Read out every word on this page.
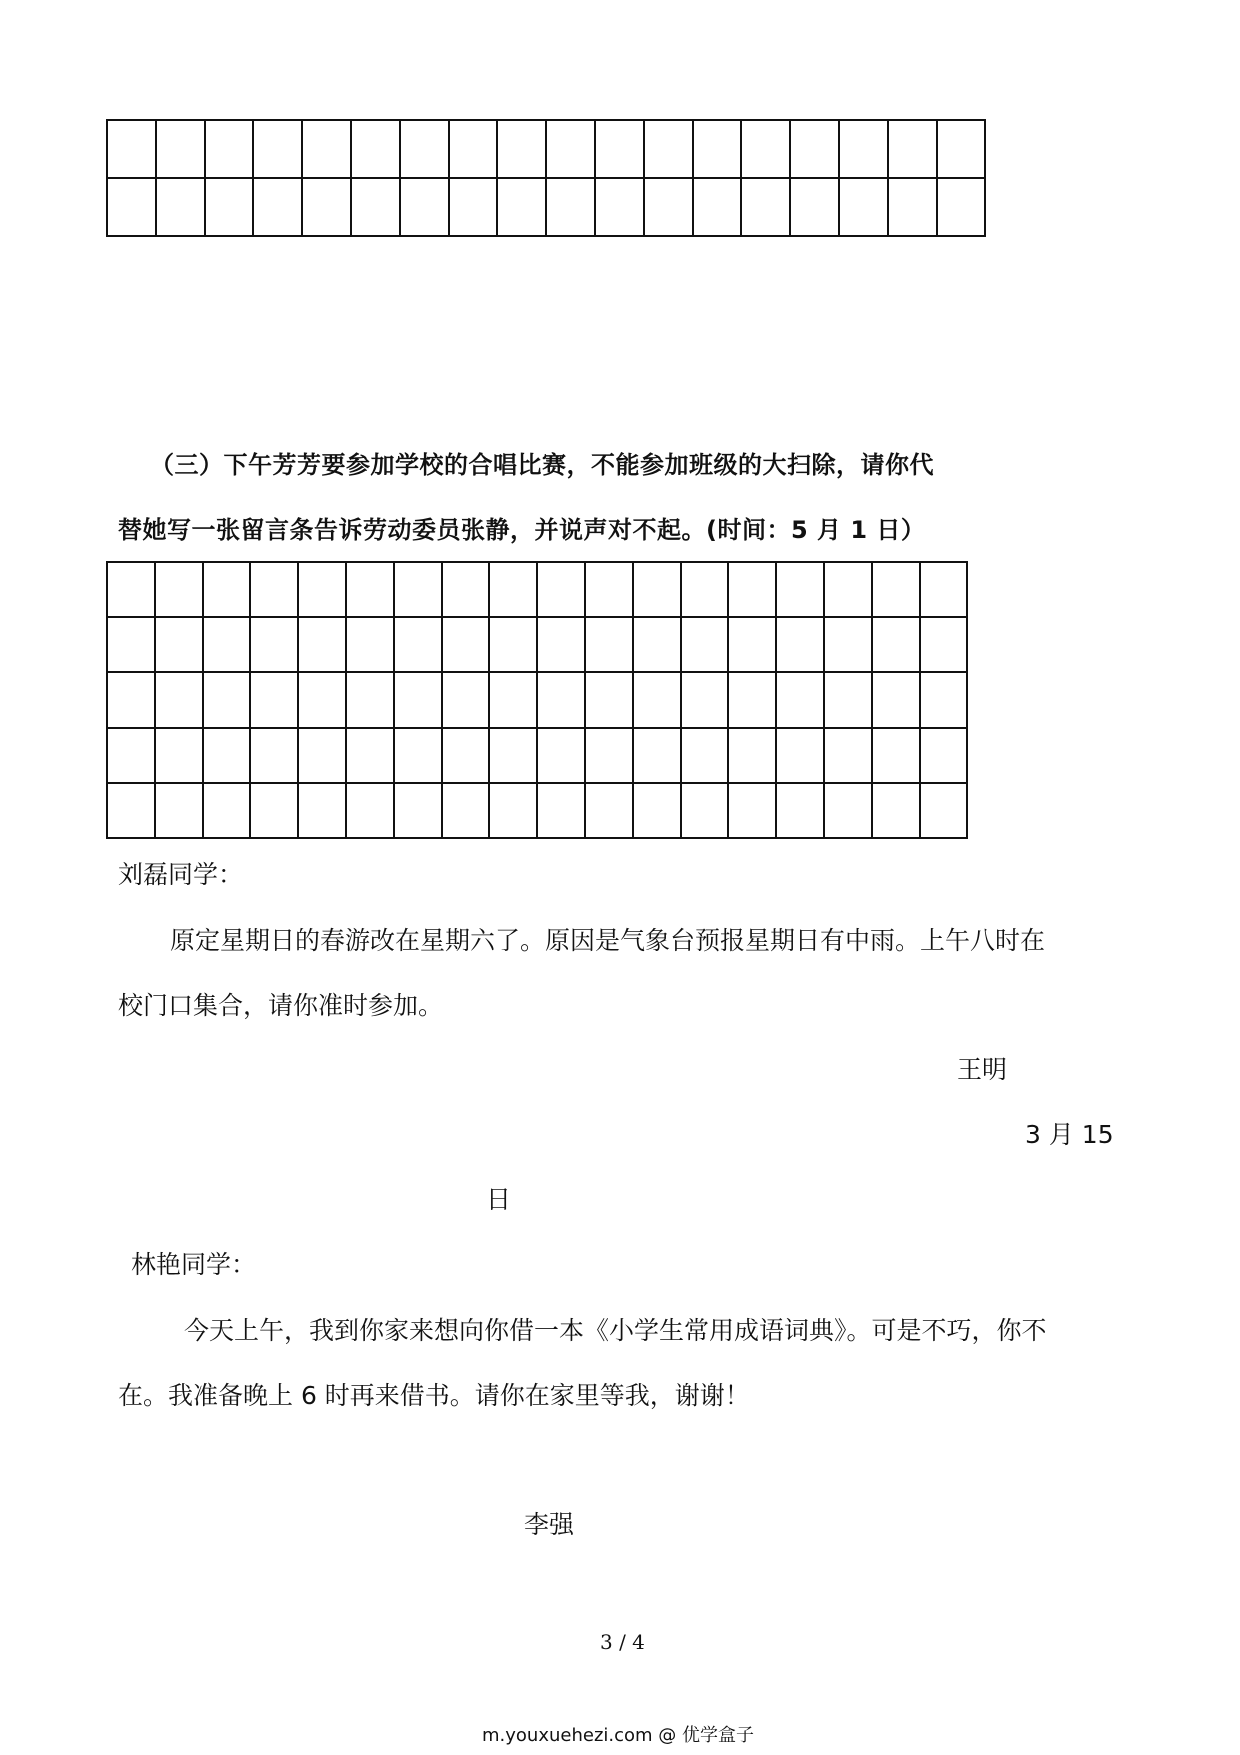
（三）下午芳芳要参加学校的合唱比赛，不能参加班级的大扫除，请你代
替她写一张留言条告诉劳动委员张静，并说声对不起。(时间：5 月 1 日）

刘磊同学：
原定星期日的春游改在星期六了。原因是气象台预报星期日有中雨。上午八时在
校门口集合，请你准时参加。
王明
3 月 15
日
林艳同学：
今天上午，我到你家来想向你借一本《小学生常用成语词典》。可是不巧，你不
在。我准备晚上 6 时再来借书。请你在家里等我，谢谢！
李强
3 / 4
m.youxuehezi.com @ 优学盒子
